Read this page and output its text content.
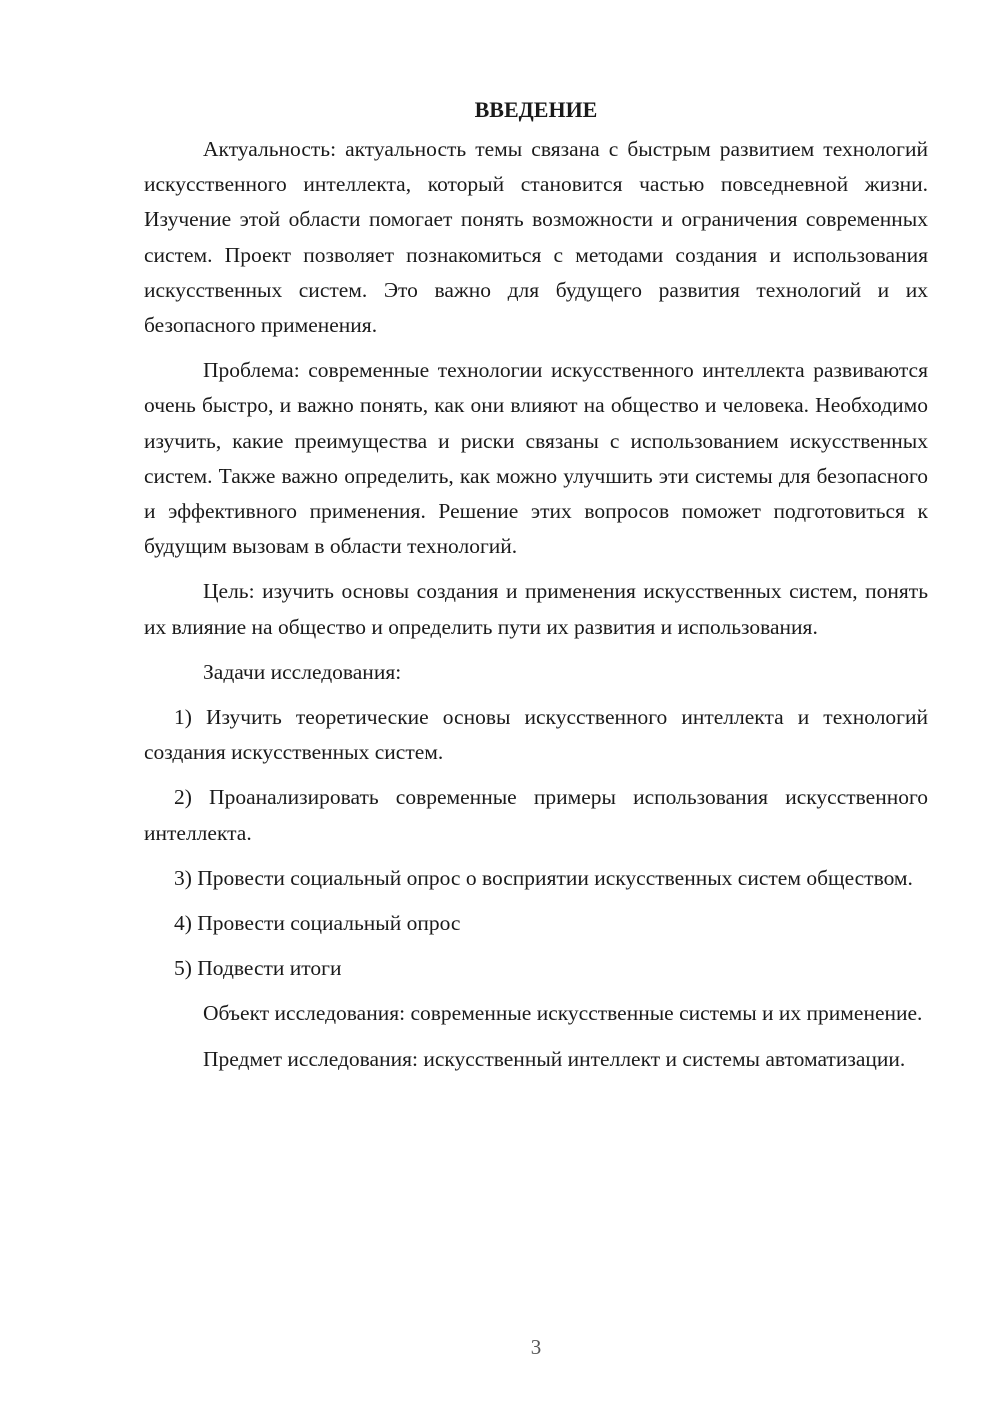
ВВЕДЕНИЕ

Актуальность: актуальность темы связана с быстрым развитием технологий искусственного интеллекта, который становится частью повседневной жизни. Изучение этой области помогает понять возможности и ограничения современных систем. Проект позволяет познакомиться с методами создания и использования искусственных систем. Это важно для будущего развития технологий и их безопасного применения.

Проблема: современные технологии искусственного интеллекта развиваются очень быстро, и важно понять, как они влияют на общество и человека. Необходимо изучить, какие преимущества и риски связаны с использованием искусственных систем. Также важно определить, как можно улучшить эти системы для безопасного и эффективного применения. Решение этих вопросов поможет подготовиться к будущим вызовам в области технологий.

Цель: изучить основы создания и применения искусственных систем, понять их влияние на общество и определить пути их развития и использования.

Задачи исследования:

1) Изучить теоретические основы искусственного интеллекта и технологий создания искусственных систем.

2) Проанализировать современные примеры использования искусственного интеллекта.

3) Провести социальный опрос о восприятии искусственных систем обществом.

4) Провести социальный опрос

5) Подвести итоги

Объект исследования: современные искусственные системы и их применение.

Предмет исследования: искусственный интеллект и системы автоматизации.

3
